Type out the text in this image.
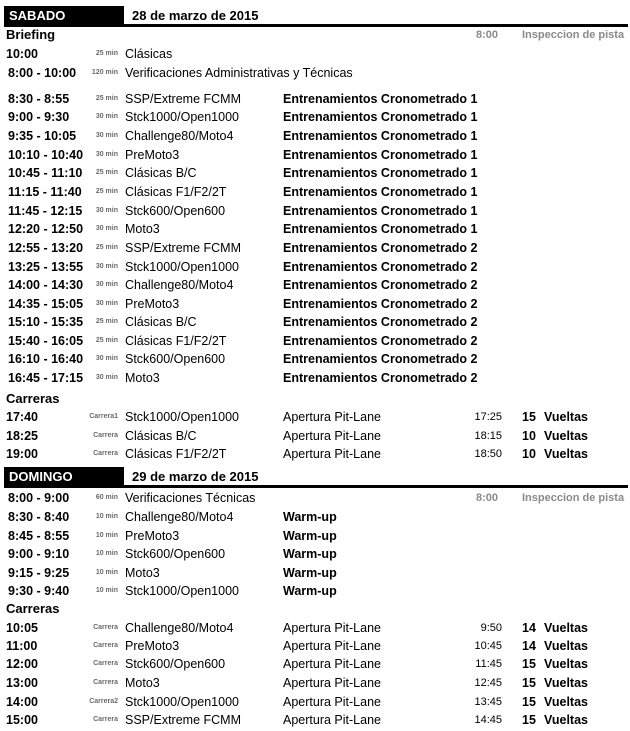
SABADO	28 de marzo de 2015
Briefing	8:00 Inspeccion de pista
10:00	25 min Clásicas
8:00 - 10:00	120 min Verificaciones Administrativas y Técnicas
8:30 - 8:55	25 min SSP/Extreme FCMM	Entrenamientos Cronometrado 1
9:00 - 9:30	30 min Stck1000/Open1000	Entrenamientos Cronometrado 1
9:35 - 10:05	30 min Challenge80/Moto4	Entrenamientos Cronometrado 1
10:10 - 10:40	30 min PreMoto3	Entrenamientos Cronometrado 1
10:45 - 11:10	25 min Clásicas B/C	Entrenamientos Cronometrado 1
11:15 - 11:40	25 min Clásicas F1/F2/2T	Entrenamientos Cronometrado 1
11:45 - 12:15	30 min Stck600/Open600	Entrenamientos Cronometrado 1
12:20 - 12:50	30 min Moto3	Entrenamientos Cronometrado 1
12:55 - 13:20	25 min SSP/Extreme FCMM	Entrenamientos Cronometrado 2
13:25 - 13:55	30 min Stck1000/Open1000	Entrenamientos Cronometrado 2
14:00 - 14:30	30 min Challenge80/Moto4	Entrenamientos Cronometrado 2
14:35 - 15:05	30 min PreMoto3	Entrenamientos Cronometrado 2
15:10 - 15:35	25 min Clásicas B/C	Entrenamientos Cronometrado 2
15:40 - 16:05	25 min Clásicas F1/F2/2T	Entrenamientos Cronometrado 2
16:10 - 16:40	30 min Stck600/Open600	Entrenamientos Cronometrado 2
16:45 - 17:15	30 min Moto3	Entrenamientos Cronometrado 2
Carreras
17:40	Carrera1 Stck1000/Open1000	Apertura Pit-Lane	17:25 15 Vueltas
18:25	Carrera Clásicas B/C	Apertura Pit-Lane	18:15 10 Vueltas
19:00	Carrera Clásicas F1/F2/2T	Apertura Pit-Lane	18:50 10 Vueltas
DOMINGO	29 de marzo de 2015
8:00 Inspeccion de pista
8:00 - 9:00	60 min Verificaciones Técnicas
8:30 - 8:40	10 min Challenge80/Moto4	Warm-up
8:45 - 8:55	10 min PreMoto3	Warm-up
9:00 - 9:10	10 min Stck600/Open600	Warm-up
9:15 - 9:25	10 min Moto3	Warm-up
9:30 - 9:40	10 min Stck1000/Open1000	Warm-up
Carreras
10:05	Carrera Challenge80/Moto4	Apertura Pit-Lane	9:50 14 Vueltas
11:00	Carrera PreMoto3	Apertura Pit-Lane	10:45 14 Vueltas
12:00	Carrera Stck600/Open600	Apertura Pit-Lane	11:45 15 Vueltas
13:00	Carrera Moto3	Apertura Pit-Lane	12:45 15 Vueltas
14:00	Carrera2 Stck1000/Open1000	Apertura Pit-Lane	13:45 15 Vueltas
15:00	Carrera SSP/Extreme FCMM	Apertura Pit-Lane	14:45 15 Vueltas
